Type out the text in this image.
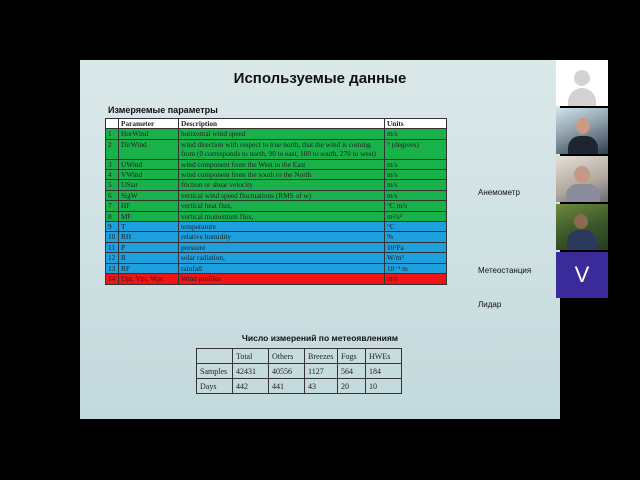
Используемые данные
Измеряемые параметры
	Parameter	Description	Units
1	HorWind	horizontal wind speed	m/s
2	DirWind	wind direction with respect to true north, that the wind is coming from (0 corresponds to north, 90 to east, 180 to south, 270 to west)	° (degrees)
3	UWind	wind component from the West to the East	m/s
4	VWind	wind component from the south to the North	m/s
5	UStar	friction or shear velocity	m/s
6	SigW	vertical wind speed fluctuations (RMS of w)	m/s
7	HF	vertical heat flux,	°C m/s
8	MF	vertical momentum flux,	m²/s²
9	T	temperature	°C
10	RH	relative humidity	%
11	P	pressure	10²Pa
12	R	solar radiation,	W/m²
13	RF	rainfall	10⁻³ m
14	Upr, Vpr, Wpr	Wind profiles	m/s
Анемометр
Метеостанция
Лидар
Число измерений по метеоявлениям
	Total	Others	Breezes	Fogs	HWEs
Samples	42431	40556	1127	564	184
Days	442	441	43	20	10
V
